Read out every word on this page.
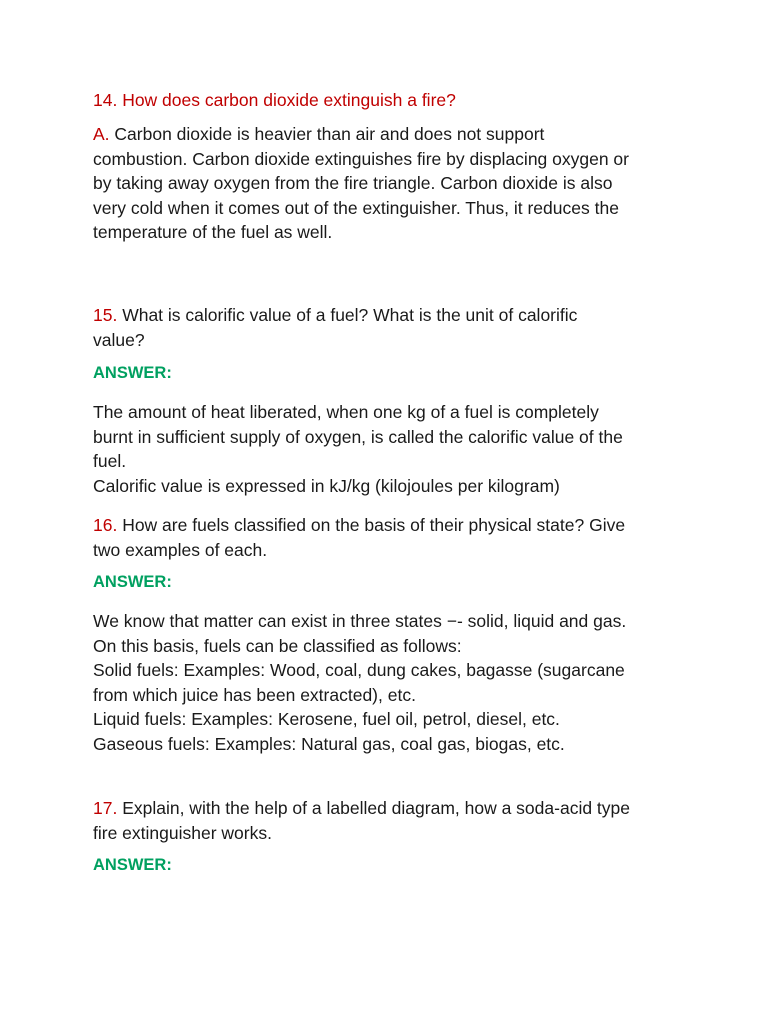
14. How does carbon dioxide extinguish a fire?

A. Carbon dioxide is heavier than air and does not support
combustion. Carbon dioxide extinguishes fire by displacing oxygen or
by taking away oxygen from the fire triangle. Carbon dioxide is also
very cold when it comes out of the extinguisher. Thus, it reduces the
temperature of the fuel as well.

15. What is calorific value of a fuel? What is the unit of calorific
value?

ANSWER:

The amount of heat liberated, when one kg of a fuel is completely
burnt in sufficient supply of oxygen, is called the calorific value of the
fuel.
Calorific value is expressed in kJ/kg (kilojoules per kilogram)

16. How are fuels classified on the basis of their physical state? Give
two examples of each.

ANSWER:

We know that matter can exist in three states −- solid, liquid and gas.
On this basis, fuels can be classified as follows:
Solid fuels: Examples: Wood, coal, dung cakes, bagasse (sugarcane
from which juice has been extracted), etc.
Liquid fuels: Examples: Kerosene, fuel oil, petrol, diesel, etc.
Gaseous fuels: Examples: Natural gas, coal gas, biogas, etc.

17. Explain, with the help of a labelled diagram, how a soda-acid type
fire extinguisher works.

ANSWER:
